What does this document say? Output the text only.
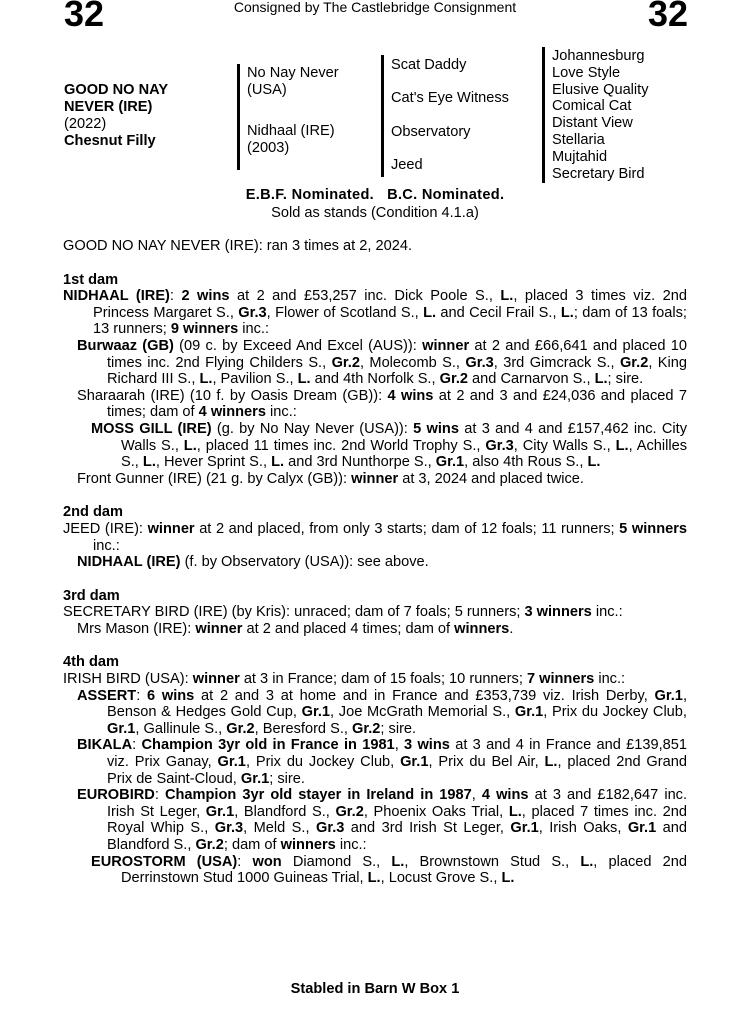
32	Consigned by The Castlebridge Consignment	32
GOOD NO NAY
NEVER (IRE)
(2022)
Chesnut Filly
No Nay Never
(USA)
Nidhaal (IRE)
(2003)
Scat Daddy
Cat's Eye Witness
Observatory
Jeed
Johannesburg
Love Style
Elusive Quality
Comical Cat
Distant View
Stellaria
Mujtahid
Secretary Bird
E.B.F. Nominated.   B.C. Nominated.
Sold as stands (Condition 4.1.a)
GOOD NO NAY NEVER (IRE): ran 3 times at 2, 2024.
1st dam
NIDHAAL (IRE): 2 wins at 2 and £53,257 inc. Dick Poole S., L., placed 3 times viz. 2nd Princess Margaret S., Gr.3, Flower of Scotland S., L. and Cecil Frail S., L.; dam of 13 foals; 13 runners; 9 winners inc.:
Burwaaz (GB) (09 c. by Exceed And Excel (AUS)): winner at 2 and £66,641 and placed 10 times inc. 2nd Flying Childers S., Gr.2, Molecomb S., Gr.3, 3rd Gimcrack S., Gr.2, King Richard III S., L., Pavilion S., L. and 4th Norfolk S., Gr.2 and Carnarvon S., L.; sire.
Sharaarah (IRE) (10 f. by Oasis Dream (GB)): 4 wins at 2 and 3 and £24,036 and placed 7 times; dam of 4 winners inc.:
MOSS GILL (IRE) (g. by No Nay Never (USA)): 5 wins at 3 and 4 and £157,462 inc. City Walls S., L., placed 11 times inc. 2nd World Trophy S., Gr.3, City Walls S., L., Achilles S., L., Hever Sprint S., L. and 3rd Nunthorpe S., Gr.1, also 4th Rous S., L.
Front Gunner (IRE) (21 g. by Calyx (GB)): winner at 3, 2024 and placed twice.
2nd dam
JEED (IRE): winner at 2 and placed, from only 3 starts; dam of 12 foals; 11 runners; 5 winners inc.:
NIDHAAL (IRE) (f. by Observatory (USA)): see above.
3rd dam
SECRETARY BIRD (IRE) (by Kris): unraced; dam of 7 foals; 5 runners; 3 winners inc.:
Mrs Mason (IRE): winner at 2 and placed 4 times; dam of winners.
4th dam
IRISH BIRD (USA): winner at 3 in France; dam of 15 foals; 10 runners; 7 winners inc.:
ASSERT: 6 wins at 2 and 3 at home and in France and £353,739 viz. Irish Derby, Gr.1, Benson & Hedges Gold Cup, Gr.1, Joe McGrath Memorial S., Gr.1, Prix du Jockey Club, Gr.1, Gallinule S., Gr.2, Beresford S., Gr.2; sire.
BIKALA: Champion 3yr old in France in 1981, 3 wins at 3 and 4 in France and £139,851 viz. Prix Ganay, Gr.1, Prix du Jockey Club, Gr.1, Prix du Bel Air, L., placed 2nd Grand Prix de Saint-Cloud, Gr.1; sire.
EUROBIRD: Champion 3yr old stayer in Ireland in 1987, 4 wins at 3 and £182,647 inc. Irish St Leger, Gr.1, Blandford S., Gr.2, Phoenix Oaks Trial, L., placed 7 times inc. 2nd Royal Whip S., Gr.3, Meld S., Gr.3 and 3rd Irish St Leger, Gr.1, Irish Oaks, Gr.1 and Blandford S., Gr.2; dam of winners inc.:
EUROSTORM (USA): won Diamond S., L., Brownstown Stud S., L., placed 2nd Derrinstown Stud 1000 Guineas Trial, L., Locust Grove S., L.
Stabled in Barn W Box 1
